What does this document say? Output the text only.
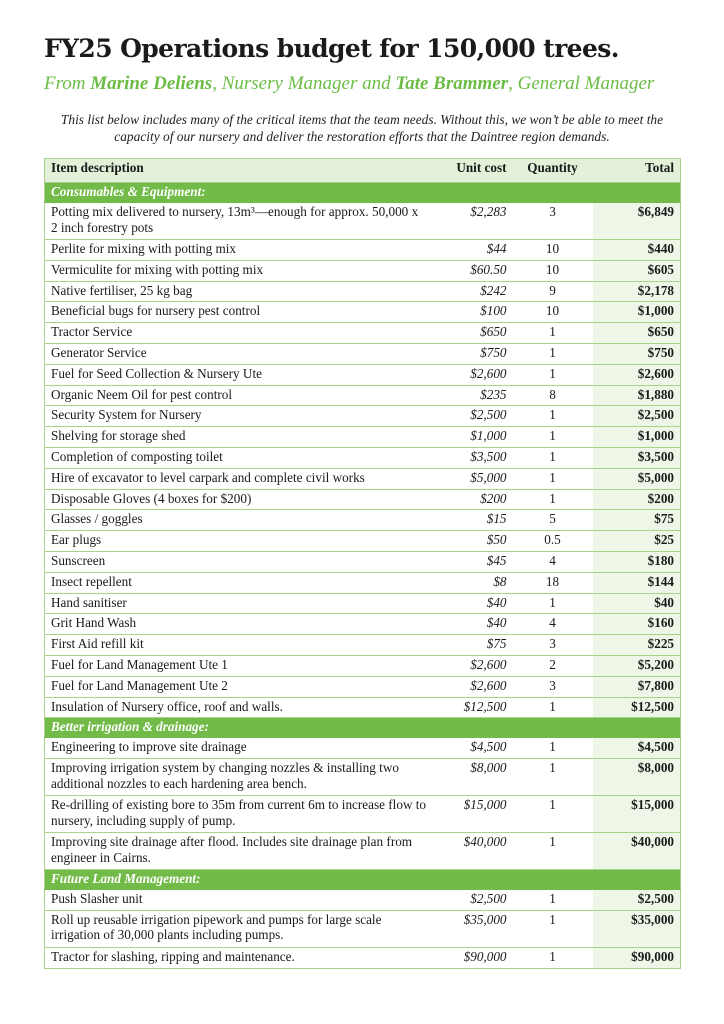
FY25 Operations budget for 150,000 trees.
From Marine Deliens, Nursery Manager and Tate Brammer, General Manager
This list below includes many of the critical items that the team needs. Without this, we won’t be able to meet the capacity of our nursery and deliver the restoration efforts that the Daintree region demands.
Item description	Unit cost	Quantity	Total
Consumables & Equipment:			
Potting mix delivered to nursery, 13m³—enough for approx. 50,000 x 2 inch forestry pots	$2,283	3	$6,849
Perlite for mixing with potting mix	$44	10	$440
Vermiculite for mixing with potting mix	$60.50	10	$605
Native fertiliser, 25 kg bag	$242	9	$2,178
Beneficial bugs for nursery pest control	$100	10	$1,000
Tractor Service	$650	1	$650
Generator Service	$750	1	$750
Fuel for Seed Collection & Nursery Ute	$2,600	1	$2,600
Organic Neem Oil for pest control	$235	8	$1,880
Security System for Nursery	$2,500	1	$2,500
Shelving for storage shed	$1,000	1	$1,000
Completion of composting toilet	$3,500	1	$3,500
Hire of excavator to level carpark and complete civil works	$5,000	1	$5,000
Disposable Gloves (4 boxes for $200)	$200	1	$200
Glasses / goggles	$15	5	$75
Ear plugs	$50	0.5	$25
Sunscreen	$45	4	$180
Insect repellent	$8	18	$144
Hand sanitiser	$40	1	$40
Grit Hand Wash	$40	4	$160
First Aid refill kit	$75	3	$225
Fuel for Land Management Ute 1	$2,600	2	$5,200
Fuel for Land Management Ute 2	$2,600	3	$7,800
Insulation of Nursery office, roof and walls.	$12,500	1	$12,500
Better irrigation & drainage:			
Engineering to improve site drainage	$4,500	1	$4,500
Improving irrigation system by changing nozzles & installing two additional nozzles to each hardening area bench.	$8,000	1	$8,000
Re-drilling of existing bore to 35m from current 6m to increase flow to nursery, including supply of pump.	$15,000	1	$15,000
Improving site drainage after flood. Includes site drainage plan from engineer in Cairns.	$40,000	1	$40,000
Future Land Management:			
Push Slasher unit	$2,500	1	$2,500
Roll up reusable irrigation pipework and pumps for large scale irrigation of 30,000 plants including pumps.	$35,000	1	$35,000
Tractor for slashing, ripping and maintenance.	$90,000	1	$90,000
